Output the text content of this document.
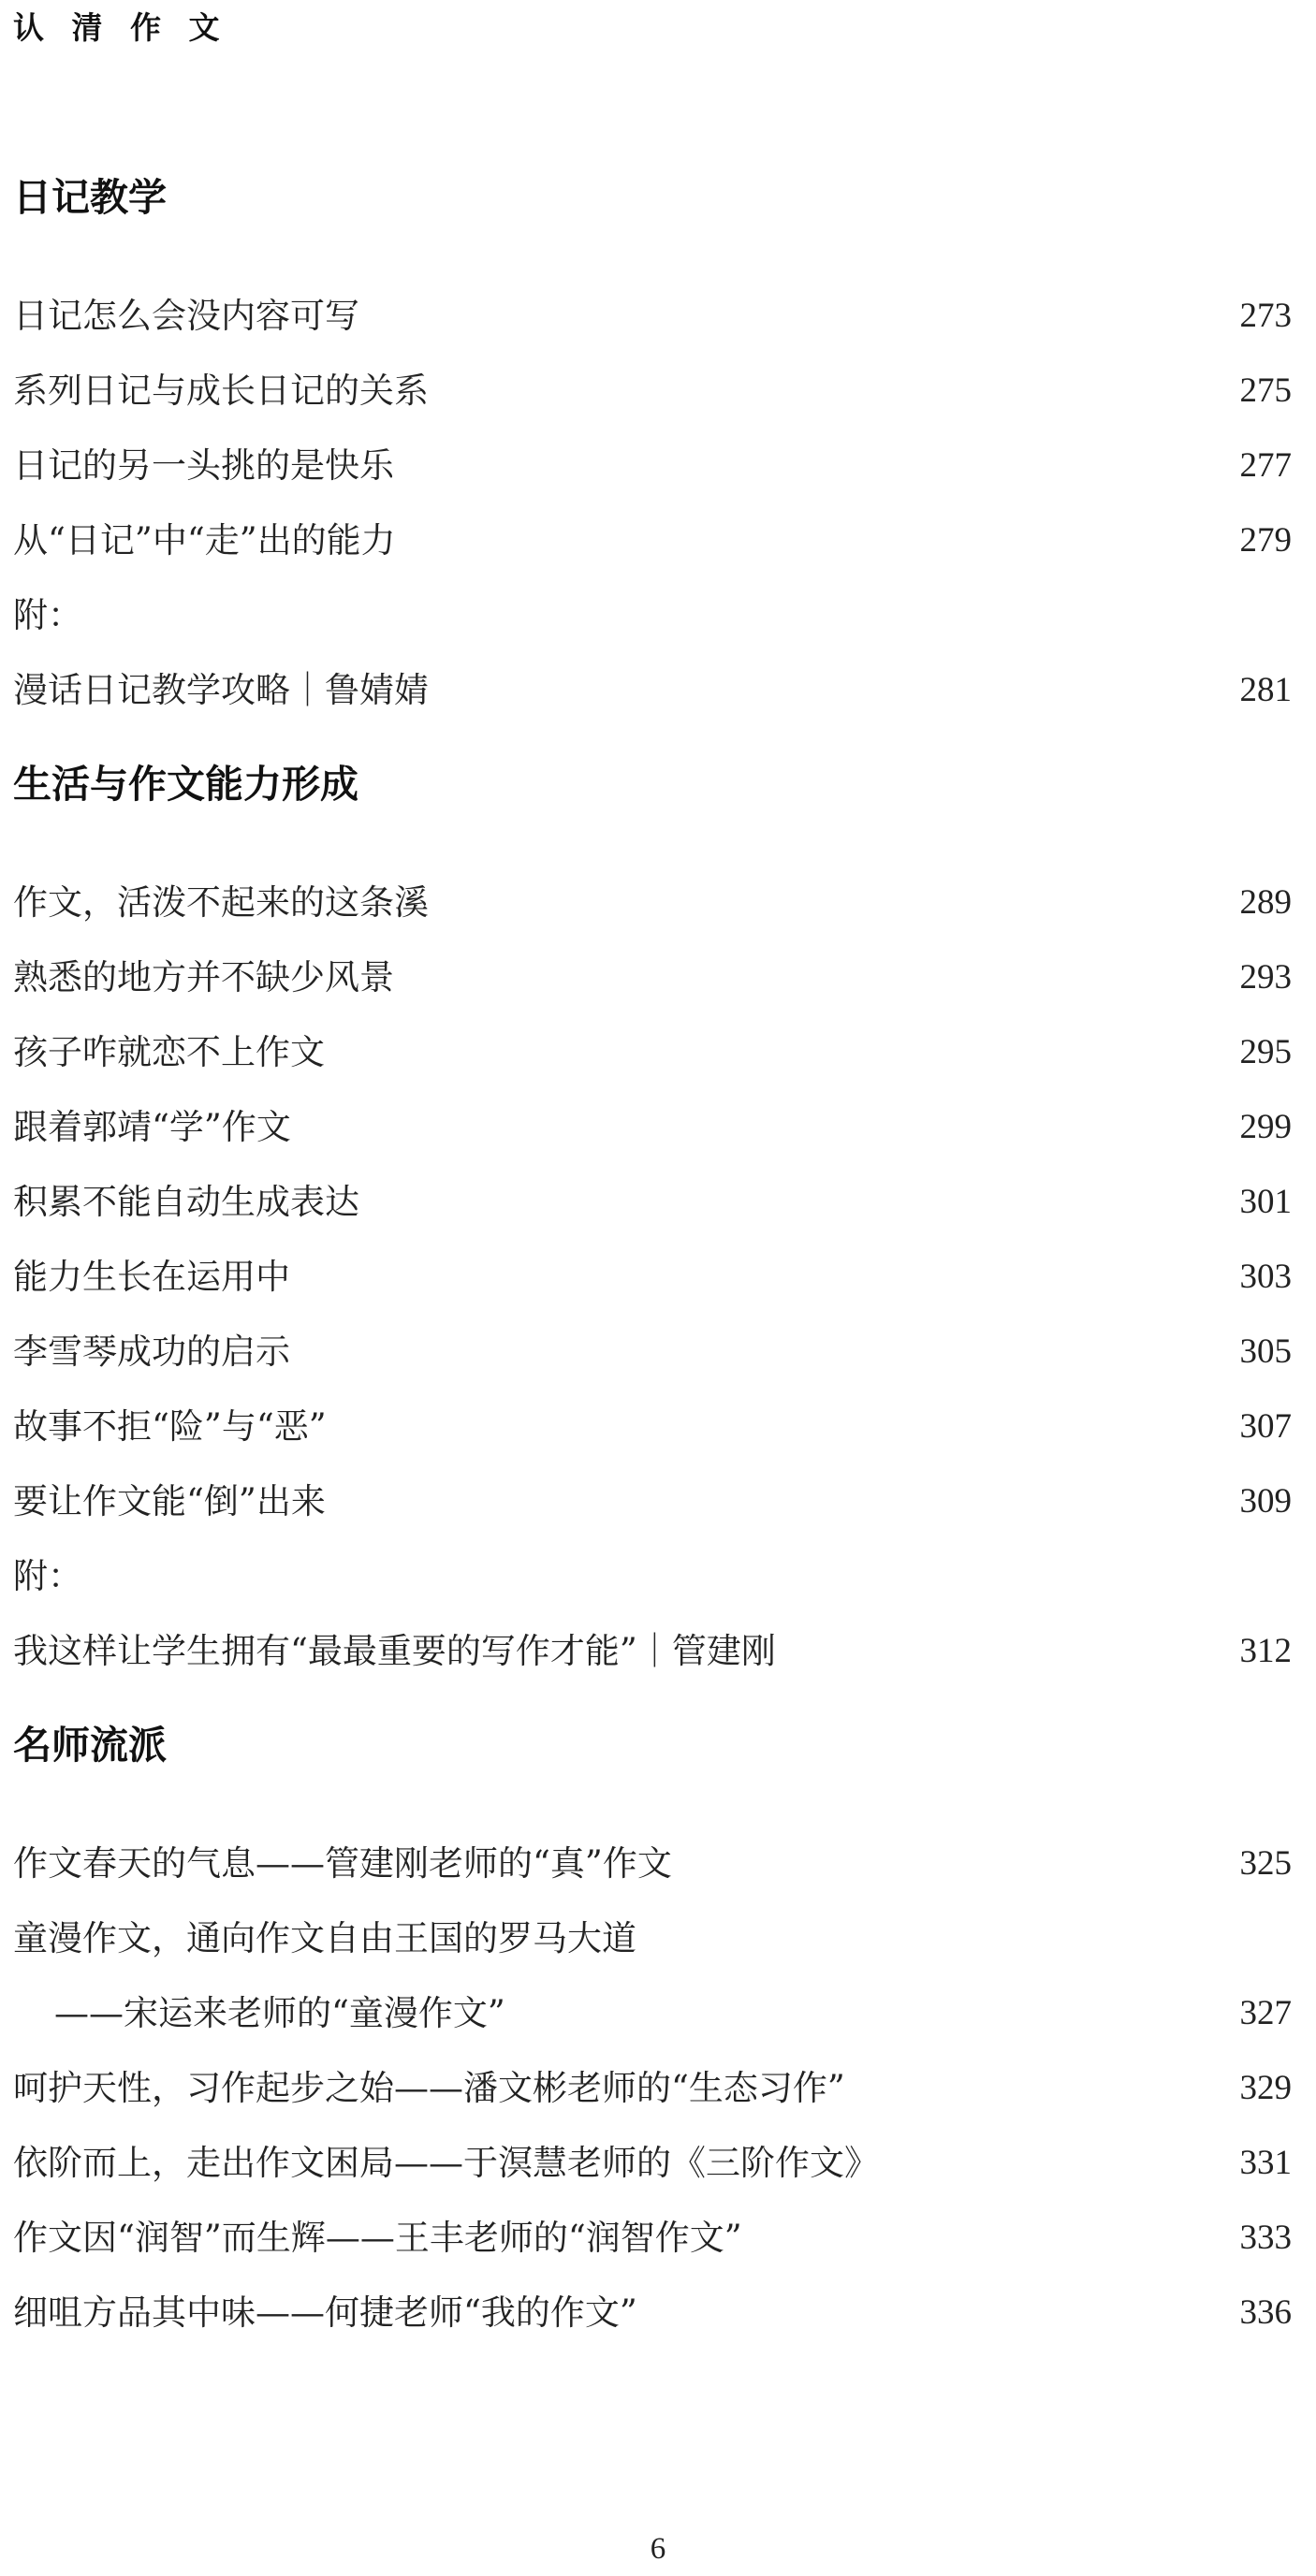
认 清 作 文
日记教学
日记怎么会没内容可写	273
系列日记与成长日记的关系	275
日记的另一头挑的是快乐	277
从“日记”中“走”出的能力	279
附：
漫话日记教学攻略｜鲁婧婧	281
生活与作文能力形成
作文，活泼不起来的这条溪	289
熟悉的地方并不缺少风景	293
孩子咋就恋不上作文	295
跟着郭靖“学”作文	299
积累不能自动生成表达	301
能力生长在运用中	303
李雪琴成功的启示	305
故事不拒“险”与“恶”	307
要让作文能“倒”出来	309
附：
我这样让学生拥有“最最重要的写作才能”｜管建刚	312
名师流派
作文春天的气息——管建刚老师的“真”作文	325
童漫作文，通向作文自由王国的罗马大道
——宋运来老师的“童漫作文”	327
呵护天性，习作起步之始——潘文彬老师的“生态习作”	329
依阶而上，走出作文困局——于溟慧老师的《三阶作文》	331
作文因“润智”而生辉——王丰老师的“润智作文”	333
细咀方品其中味——何捷老师“我的作文”	336
6
